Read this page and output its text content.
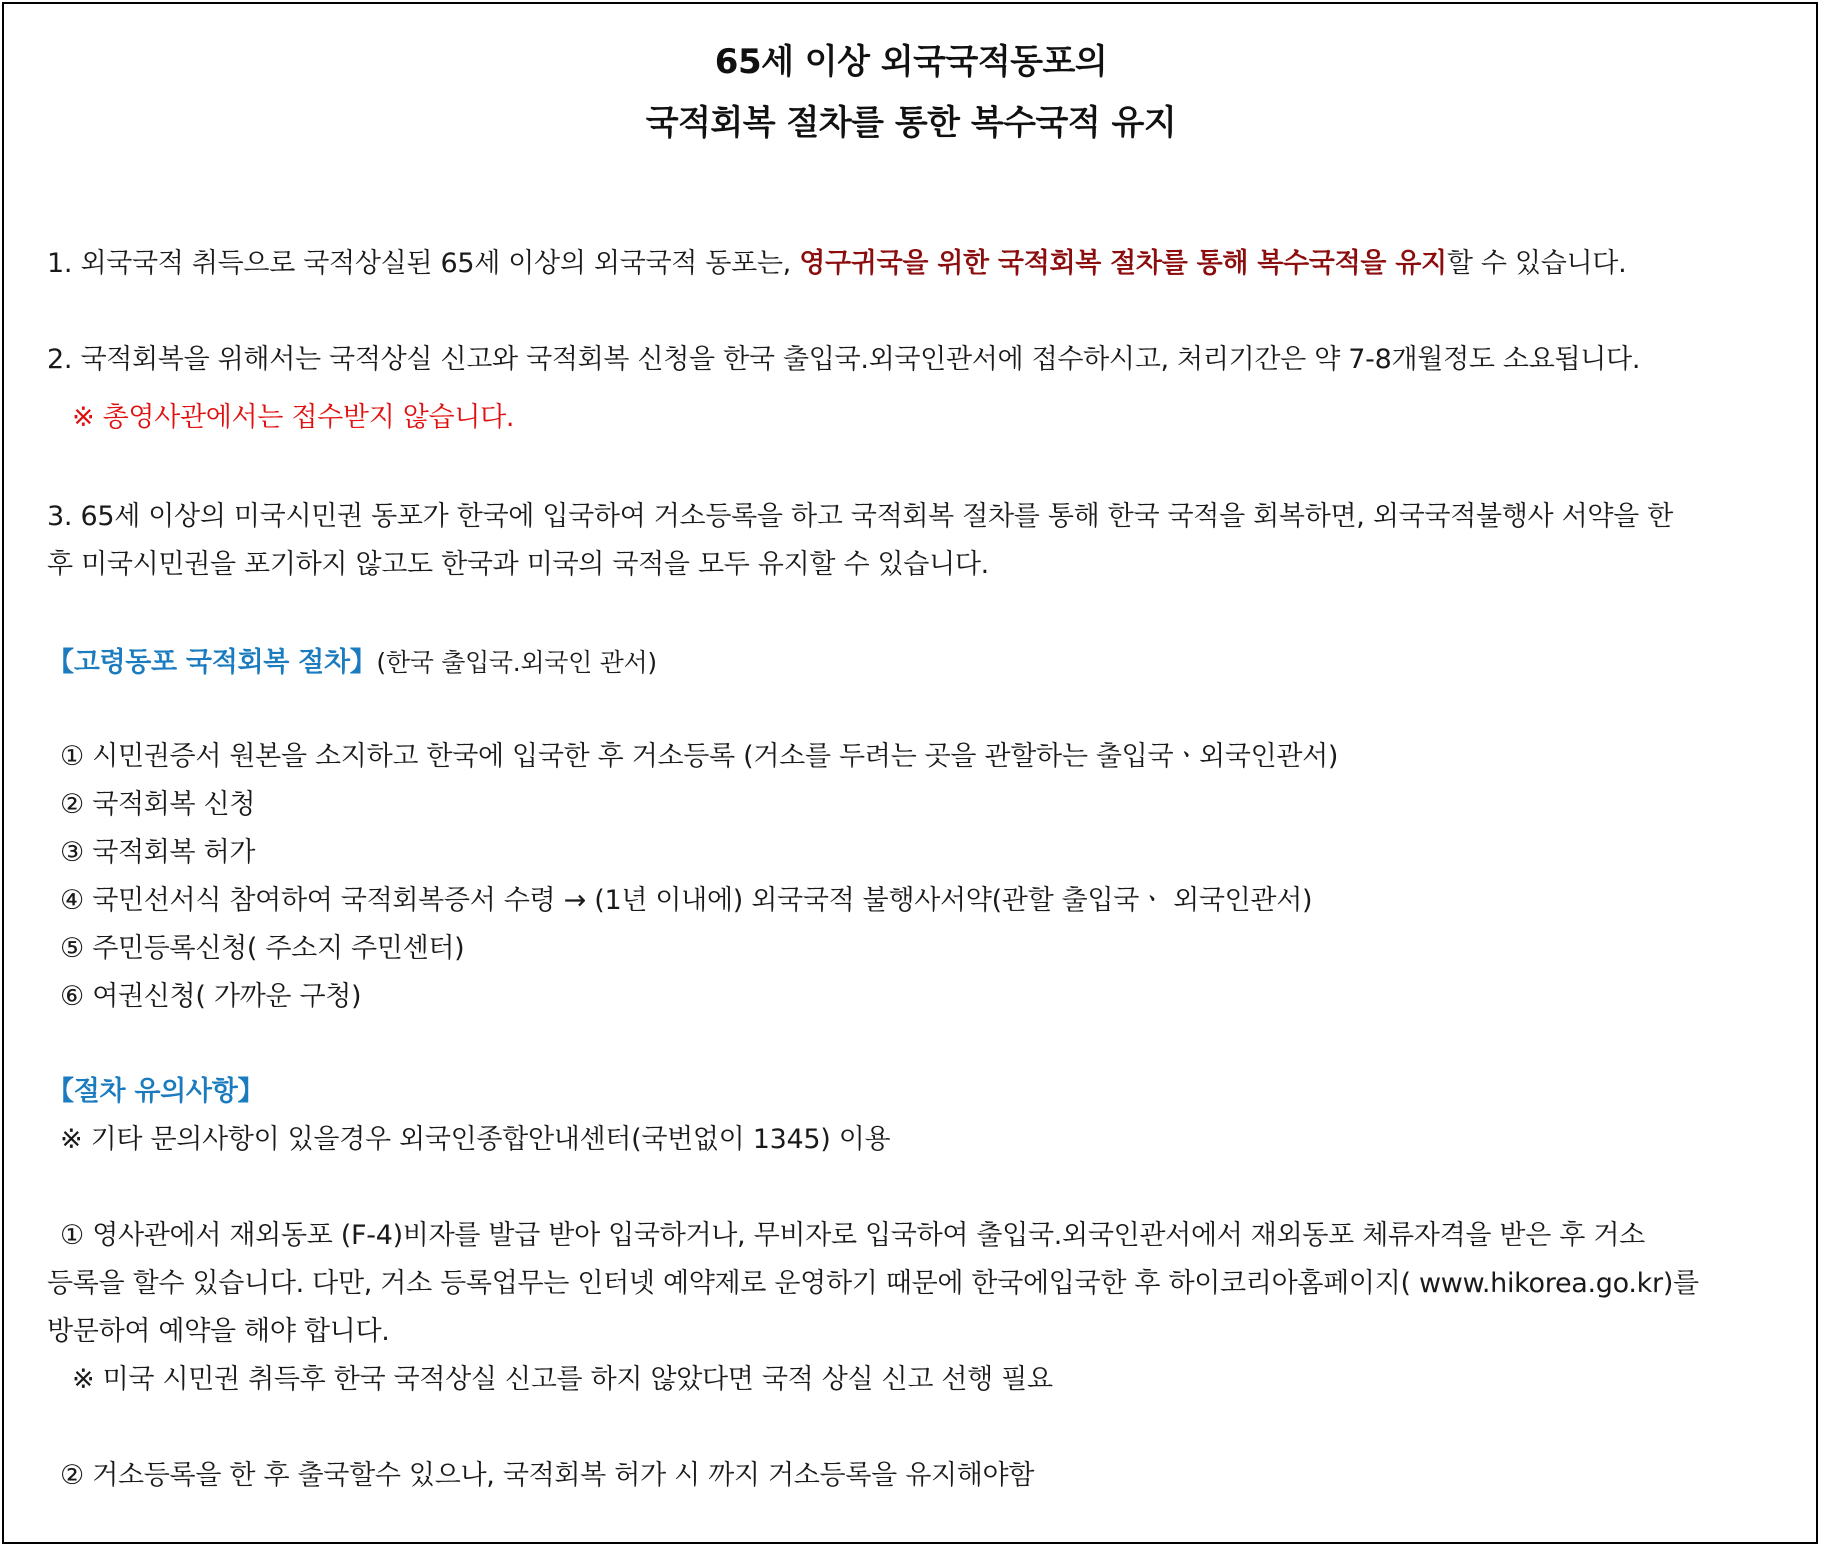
65세 이상 외국국적동포의
국적회복 절차를 통한 복수국적 유지
1. 외국국적 취득으로 국적상실된 65세 이상의 외국국적 동포는, 영구귀국을 위한 국적회복 절차를 통해 복수국적을 유지할 수 있습니다.
2. 국적회복을 위해서는 국적상실 신고와 국적회복 신청을 한국 출입국.외국인관서에 접수하시고, 처리기간은 약 7-8개월정도 소요됩니다.
※ 총영사관에서는 접수받지 않습니다.
3. 65세 이상의 미국시민권 동포가 한국에 입국하여 거소등록을 하고 국적회복 절차를 통해 한국 국적을 회복하면, 외국국적불행사 서약을 한
후 미국시민권을 포기하지 않고도 한국과 미국의 국적을 모두 유지할 수 있습니다.
【고령동포 국적회복 절차】(한국 출입국.외국인 관서)
① 시민권증서 원본을 소지하고 한국에 입국한 후 거소등록 (거소를 두려는 곳을 관할하는 출입국ㆍ외국인관서)
② 국적회복 신청
③ 국적회복 허가
④ 국민선서식 참여하여 국적회복증서 수령 → (1년 이내에) 외국국적 불행사서약(관할 출입국ㆍ 외국인관서)
⑤ 주민등록신청( 주소지 주민센터)
⑥ 여권신청( 가까운 구청)
【절차 유의사항】
※ 기타 문의사항이 있을경우 외국인종합안내센터(국번없이 1345) 이용
① 영사관에서 재외동포 (F-4)비자를 발급 받아 입국하거나, 무비자로 입국하여 출입국.외국인관서에서 재외동포 체류자격을 받은 후 거소
등록을 할수 있습니다. 다만, 거소 등록업무는 인터넷 예약제로 운영하기 때문에 한국에입국한 후 하이코리아홈페이지( www.hikorea.go.kr)를
방문하여 예약을 해야 합니다.
※ 미국 시민권 취득후 한국 국적상실 신고를 하지 않았다면 국적 상실 신고 선행 필요
② 거소등록을 한 후 출국할수 있으나, 국적회복 허가 시 까지 거소등록을 유지해야함
